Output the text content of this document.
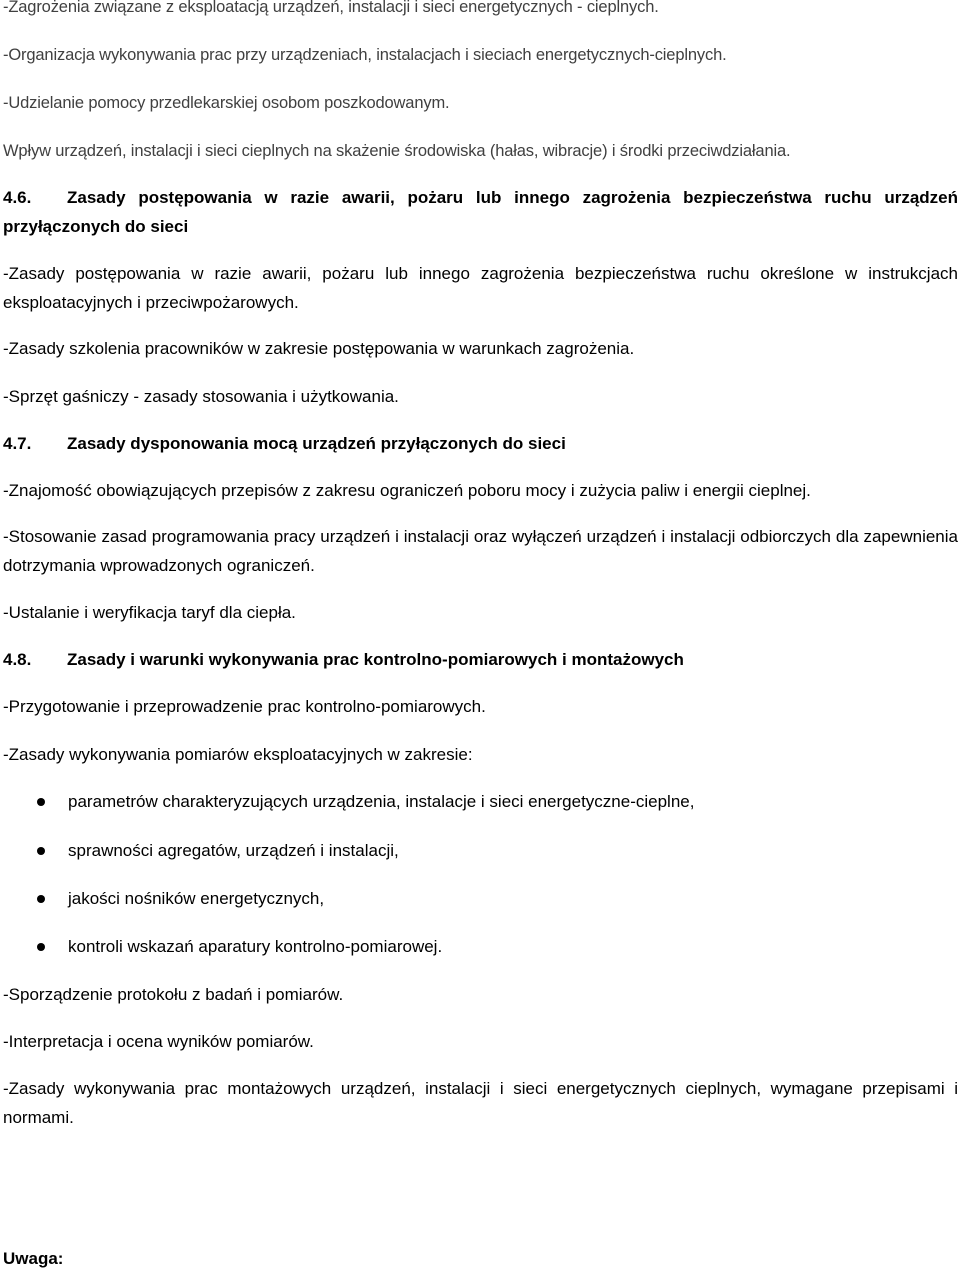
-Zagrożenia związane z eksploatacją urządzeń, instalacji i sieci energetycznych - cieplnych.

-Organizacja wykonywania prac przy urządzeniach, instalacjach i sieciach energetycznych-cieplnych.

-Udzielanie pomocy przedlekarskiej osobom poszkodowanym.

Wpływ urządzeń, instalacji i sieci cieplnych na skażenie środowiska (hałas, wibracje) i środki przeciwdziałania.

4.6. Zasady postępowania w razie awarii, pożaru lub innego zagrożenia bezpieczeństwa ruchu urządzeń przyłączonych do sieci

-Zasady postępowania w razie awarii, pożaru lub innego zagrożenia bezpieczeństwa ruchu określone w instrukcjach eksploatacyjnych i przeciwpożarowych.

-Zasady szkolenia pracowników w zakresie postępowania w warunkach zagrożenia.

-Sprzęt gaśniczy - zasady stosowania i użytkowania.

4.7. Zasady dysponowania mocą urządzeń przyłączonych do sieci

-Znajomość obowiązujących przepisów z zakresu ograniczeń poboru mocy i zużycia paliw i energii cieplnej.

-Stosowanie zasad programowania pracy urządzeń i instalacji oraz wyłączeń urządzeń i instalacji odbiorczych dla zapewnienia dotrzymania wprowadzonych ograniczeń.

-Ustalanie i weryfikacja taryf dla ciepła.

4.8. Zasady i warunki wykonywania prac kontrolno-pomiarowych i montażowych

-Przygotowanie i przeprowadzenie prac kontrolno-pomiarowych.

-Zasady wykonywania pomiarów eksploatacyjnych w zakresie:

parametrów charakteryzujących urządzenia, instalacje i sieci energetyczne-cieplne,
sprawności agregatów, urządzeń i instalacji,
jakości nośników energetycznych,
kontroli wskazań aparatury kontrolno-pomiarowej.

-Sporządzenie protokołu z badań i pomiarów.

-Interpretacja i ocena wyników pomiarów.

-Zasady wykonywania prac montażowych urządzeń, instalacji i sieci energetycznych cieplnych, wymagane przepisami i normami.

Uwaga:
